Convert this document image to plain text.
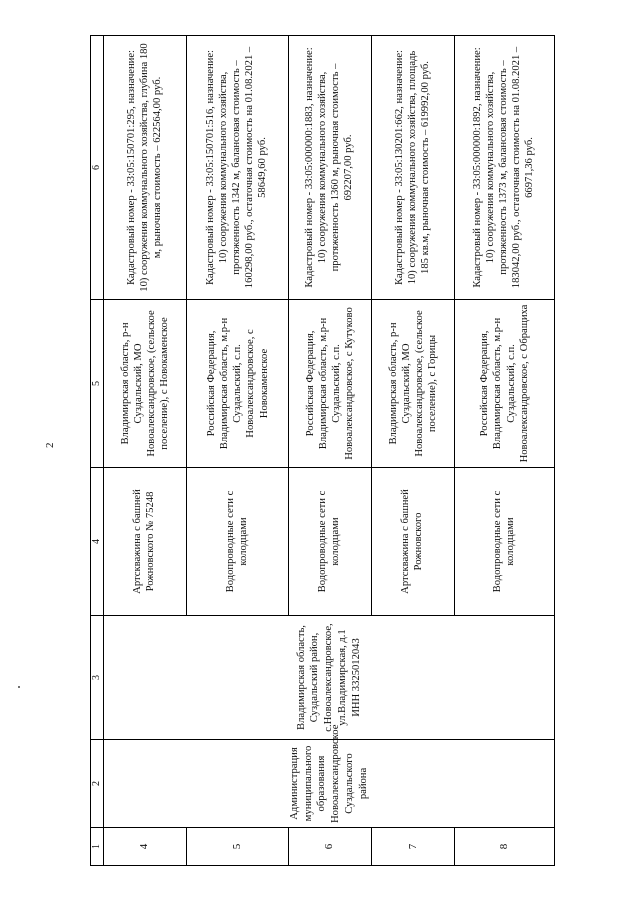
2
1	2	3	4	5	6
4	Администрация муниципального образования Новоалександровское Суздальского района	Владимирская область, Суздальский район, с.Новоалександровское, ул.Владимирская, д.1 ИНН 3325012043	Артскважина с башней Рожновского № 75248	Владимирская область, р-н Суздальский, МО Новоалександровское, (сельское поселение), с Новокаменское	Кадастровый номер - 33:05:150701:295, назначение: 10) сооружения коммунального хозяйства, глубина 180 м, рыночная стоимость – 622564,00 руб.
5			Водопроводные сети с колодцами	Российская Федерация, Владимирская область, м.р-н Суздальский, с.п. Новоалександровское, с Новокаменское	Кадастровый номер - 33:05:150701:516, назначение: 10) сооружения коммунального хозяйства, протяженность 1342 м, балансовая стоимость – 160298,00 руб., остаточная стоимость на 01.08.2021 – 58649,60 руб.
6			Водопроводные сети с колодцами	Российская Федерация, Владимирская область, м.р-н Суздальский, с.п. Новоалександровское, с Кутуково	Кадастровый номер - 33:05:000000:1883, назначение: 10) сооружения коммунального хозяйства, протяженность 1360 м, рыночная стоимость – 692207,00 руб.
7			Артскважина с башней Рожновского	Владимирская область, р-н Суздальский, МО Новоалександровское, (сельское поселение), с Горицы	Кадастровый номер - 33:05:130201:662, назначение: 10) сооружения коммунального хозяйства, площадь 185 кв.м, рыночная стоимость – 619992,00 руб.
8			Водопроводные сети с колодцами	Российская Федерация, Владимирская область, м.р-н Суздальский, с.п. Новоалександровское, с Обращиха	Кадастровый номер - 33:05:000000:1892, назначение: 10) сооружения коммунального хозяйства, протяженность 1373 м, балансовая стоимость – 183042,00 руб., остаточная стоимость на 01.08.2021 – 66971,36 руб.
